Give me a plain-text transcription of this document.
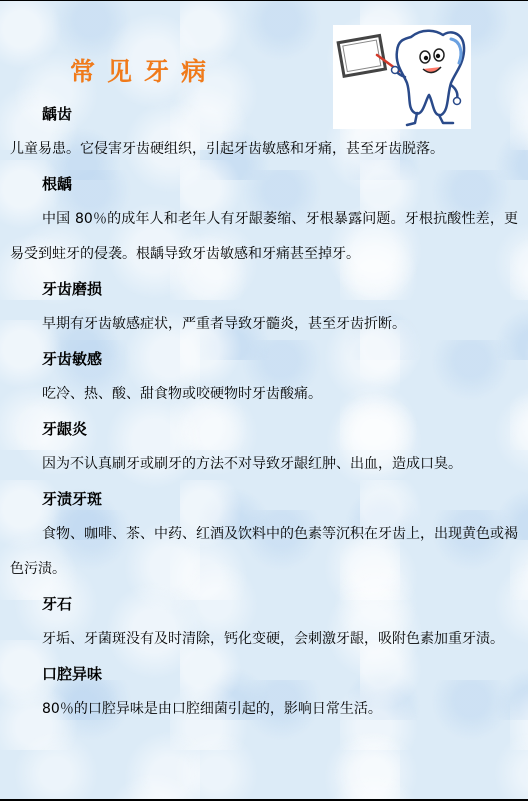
常见牙病
龋齿

儿童易患。它侵害牙齿硬组织，引起牙齿敏感和牙痛，甚至牙齿脱落。

根龋

中国 80％的成年人和老年人有牙龈萎缩、牙根暴露问题。牙根抗酸性差，更易受到蛀牙的侵袭。根龋导致牙齿敏感和牙痛甚至掉牙。

牙齿磨损

早期有牙齿敏感症状，严重者导致牙髓炎，甚至牙齿折断。

牙齿敏感

吃冷、热、酸、甜食物或咬硬物时牙齿酸痛。

牙龈炎

因为不认真刷牙或刷牙的方法不对导致牙龈红肿、出血，造成口臭。

牙渍牙斑

食物、咖啡、茶、中药、红酒及饮料中的色素等沉积在牙齿上，出现黄色或褐色污渍。

牙石

牙垢、牙菌斑没有及时清除，钙化变硬，会刺激牙龈，吸附色素加重牙渍。

口腔异味

80％的口腔异味是由口腔细菌引起的，影响日常生活。
